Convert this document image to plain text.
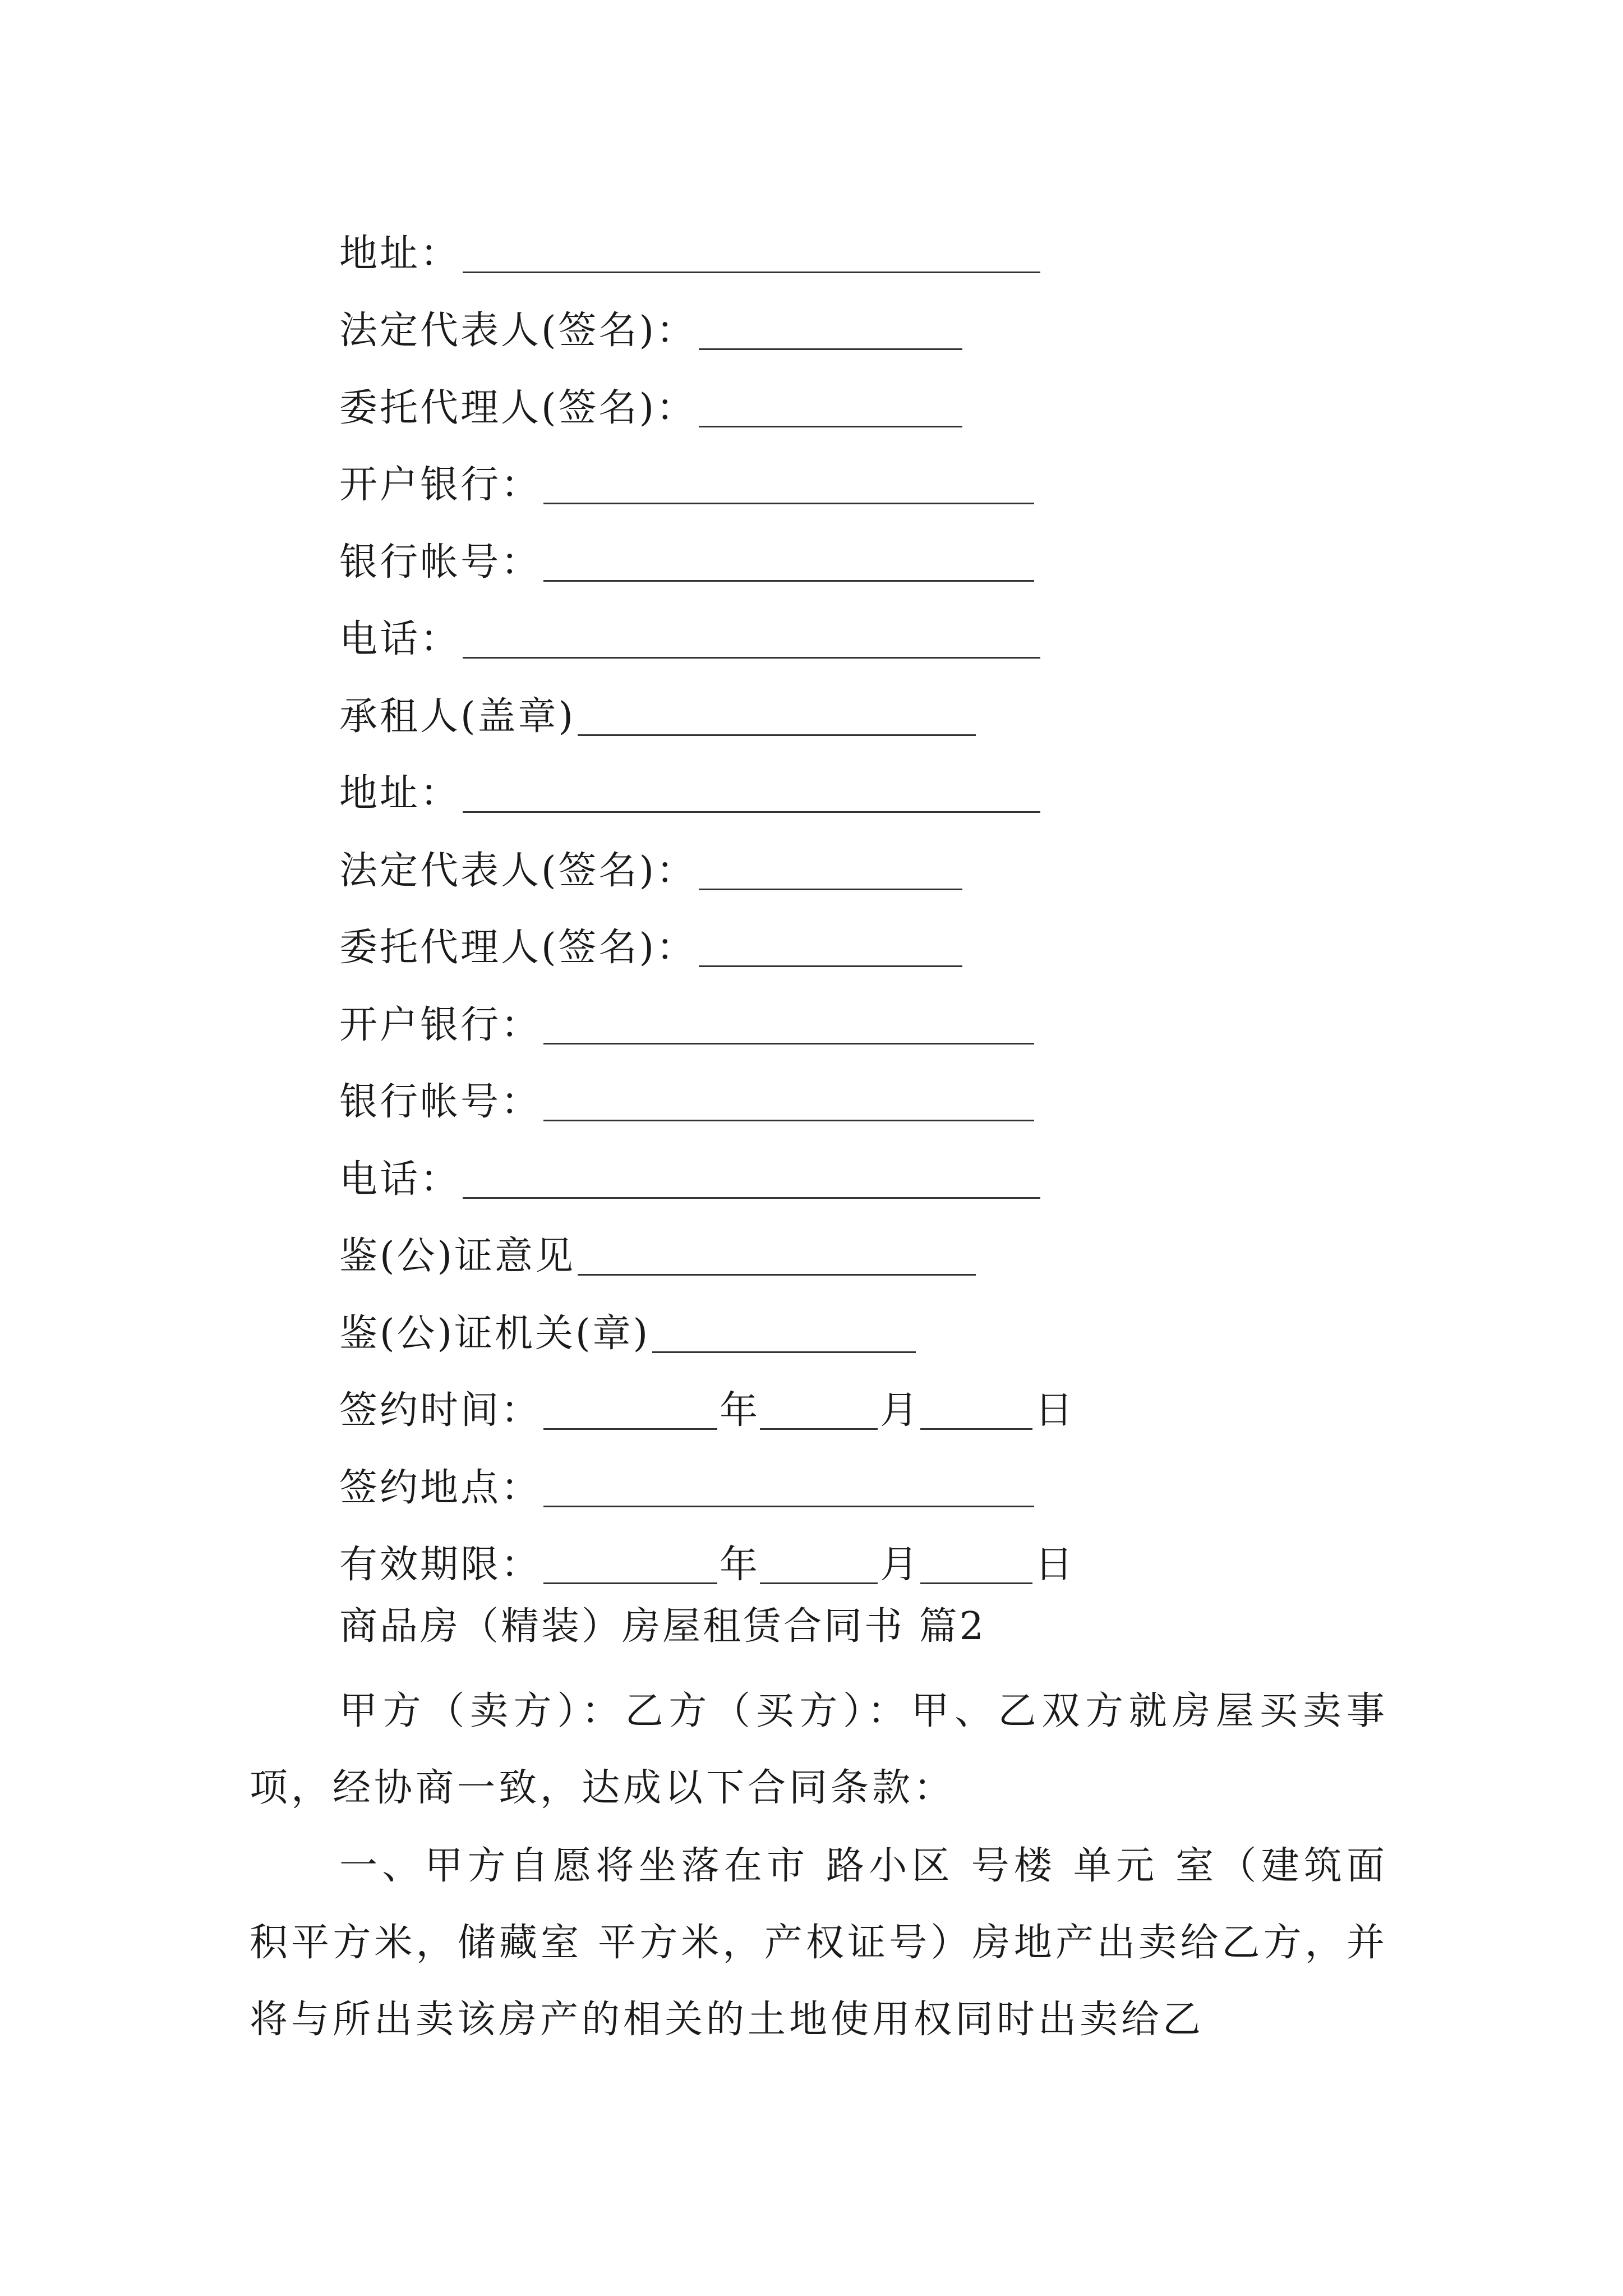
地址：
法定代表人(签名)：
委托代理人(签名)：
开户银行：
银行帐号：
电话：
承租人(盖章)
地址：
法定代表人(签名)：
委托代理人(签名)：
开户银行：
银行帐号：
电话：
鉴(公)证意见
鉴(公)证机关(章)
签约时间：	年	月	日
签约地点：
有效期限：	年	月	日
商品房（精装）房屋租赁合同书 篇2
甲方（卖方）：乙方（买方）：甲、乙双方就房屋买卖事项，经协商一致，达成以下合同条款：
一、甲方自愿将坐落在市 路小区 号楼 单元 室（建筑面积平方米，储藏室 平方米，产权证号）房地产出卖给乙方，并将与所出卖该房产的相关的土地使用权同时出卖给乙
